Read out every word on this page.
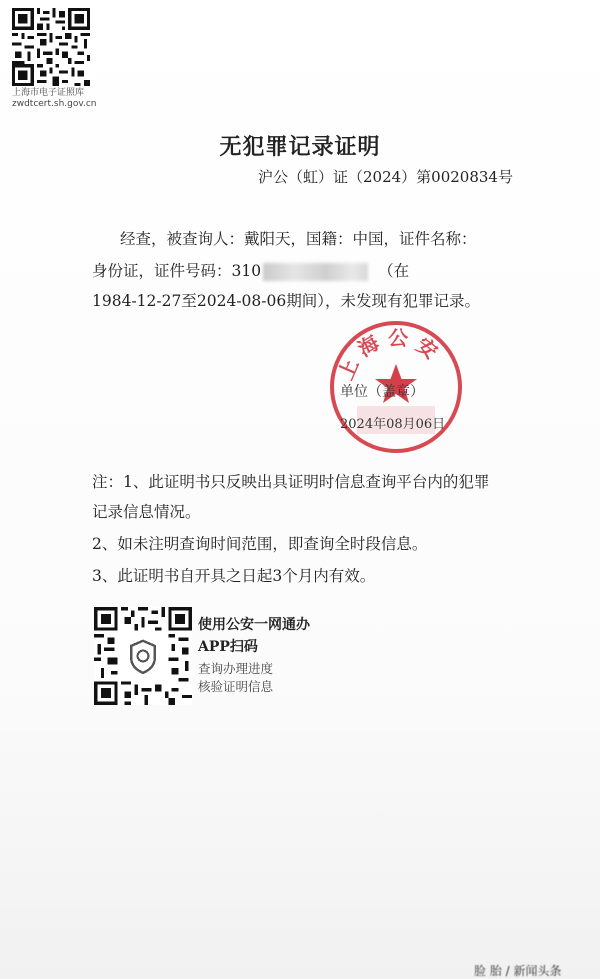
上海市电子证照库
zwdtcert.sh.gov.cn
无犯罪记录证明
沪公（虹）证（2024）第0020834号
经查，被查询人：戴阳天，国籍：中国，证件名称：
身份证，证件号码：310	（在
1984-12-27至2024-08-06期间），未发现有犯罪记录。
上 海 公 安
单位（盖章）
2024年08月06日
注：1、此证明书只反映出具证明时信息查询平台内的犯罪
记录信息情况。
2、如未注明查询时间范围，即查询全时段信息。
3、此证明书自开具之日起3个月内有效。
使用公安一网通办
APP扫码
查询办理进度
核验证明信息
脸 胎 / 新闻头条
